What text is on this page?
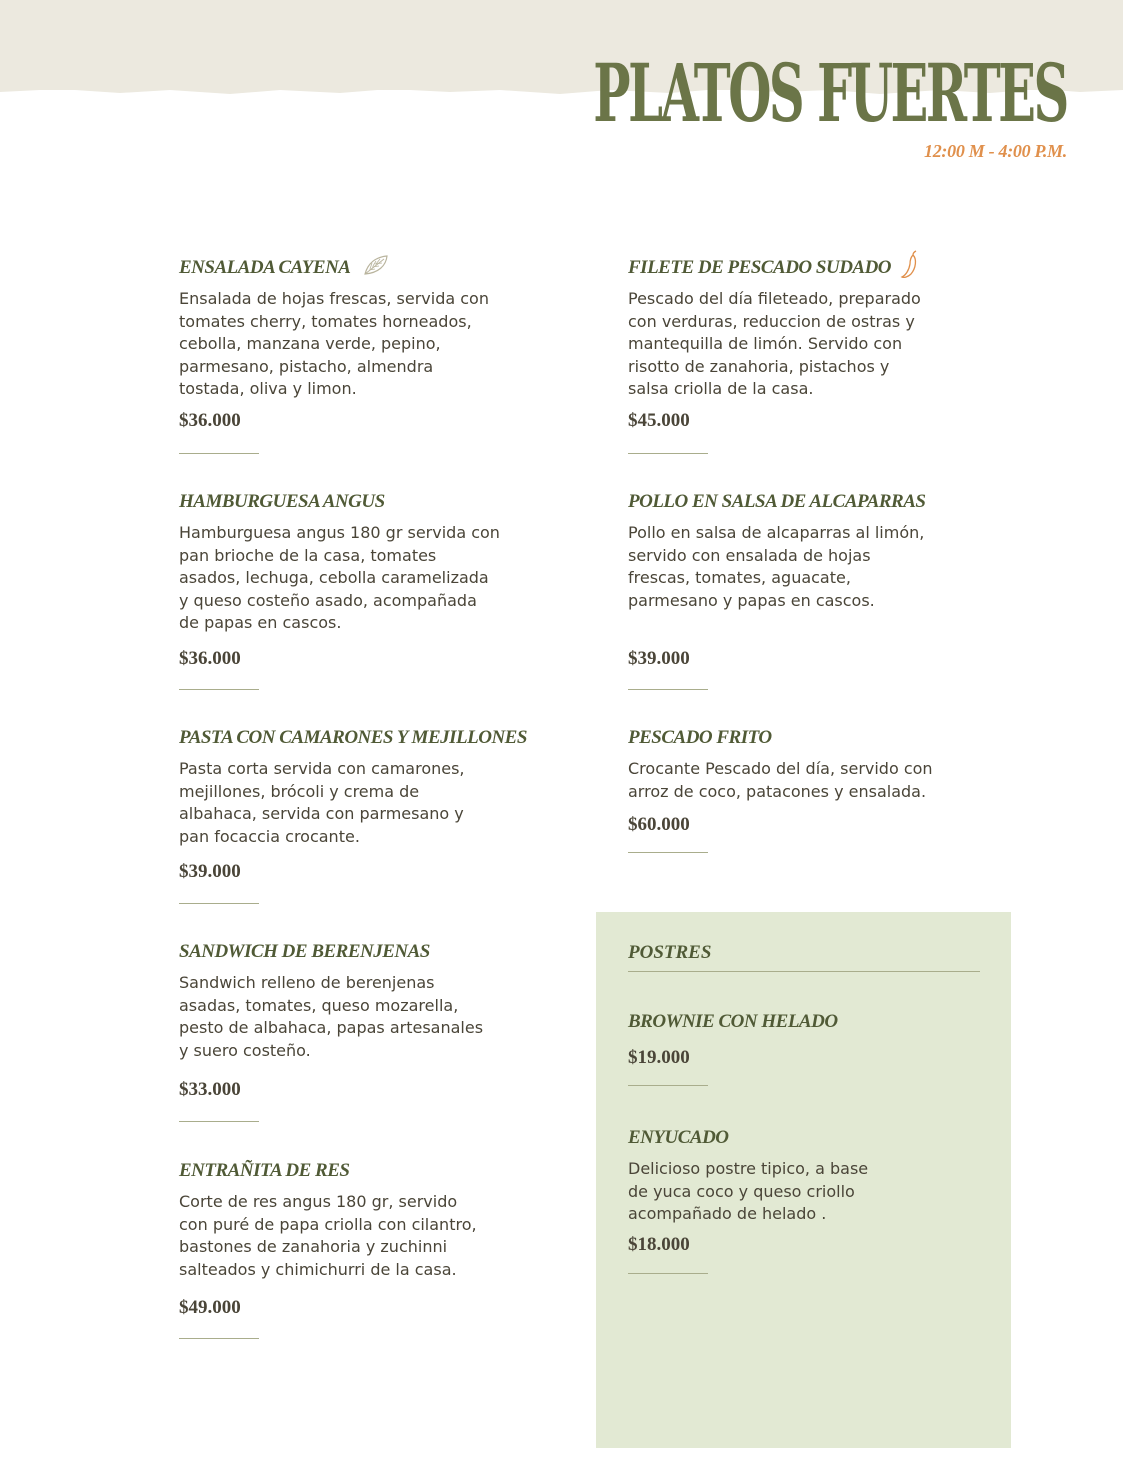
PLATOS FUERTES
12:00 M - 4:00 P.M.
ENSALADA CAYENA
Ensalada de hojas frescas, servida con
tomates cherry, tomates horneados,
cebolla, manzana verde, pepino,
parmesano, pistacho, almendra
tostada, oliva y limon.
$36.000
HAMBURGUESA ANGUS
Hamburguesa angus 180 gr servida con
pan brioche de la casa, tomates
asados, lechuga, cebolla caramelizada
y queso costeño asado, acompañada
de papas en cascos.
$36.000
PASTA CON CAMARONES Y MEJILLONES
Pasta corta servida con camarones,
mejillones, brócoli y crema de
albahaca, servida con parmesano y
pan focaccia crocante.
$39.000
SANDWICH DE BERENJENAS
Sandwich relleno de berenjenas
asadas, tomates, queso mozarella,
pesto de albahaca, papas artesanales
y suero costeño.
$33.000
ENTRAÑITA DE RES
Corte de res angus 180 gr, servido
con puré de papa criolla con cilantro,
bastones de zanahoria y zuchinni
salteados y chimichurri de la casa.
$49.000
FILETE DE PESCADO SUDADO
Pescado del día fileteado, preparado
con verduras, reduccion de ostras y
mantequilla de limón. Servido con
risotto de zanahoria, pistachos y
salsa criolla de la casa.
$45.000
POLLO EN SALSA DE ALCAPARRAS
Pollo en salsa de alcaparras al limón,
servido con ensalada de hojas
frescas, tomates, aguacate,
parmesano y papas en cascos.
$39.000
PESCADO FRITO
Crocante Pescado del día, servido con
arroz de coco, patacones y ensalada.
$60.000
POSTRES
BROWNIE CON HELADO
$19.000
ENYUCADO
Delicioso postre tipico, a base
de yuca coco y queso criollo
acompañado de helado .
$18.000
